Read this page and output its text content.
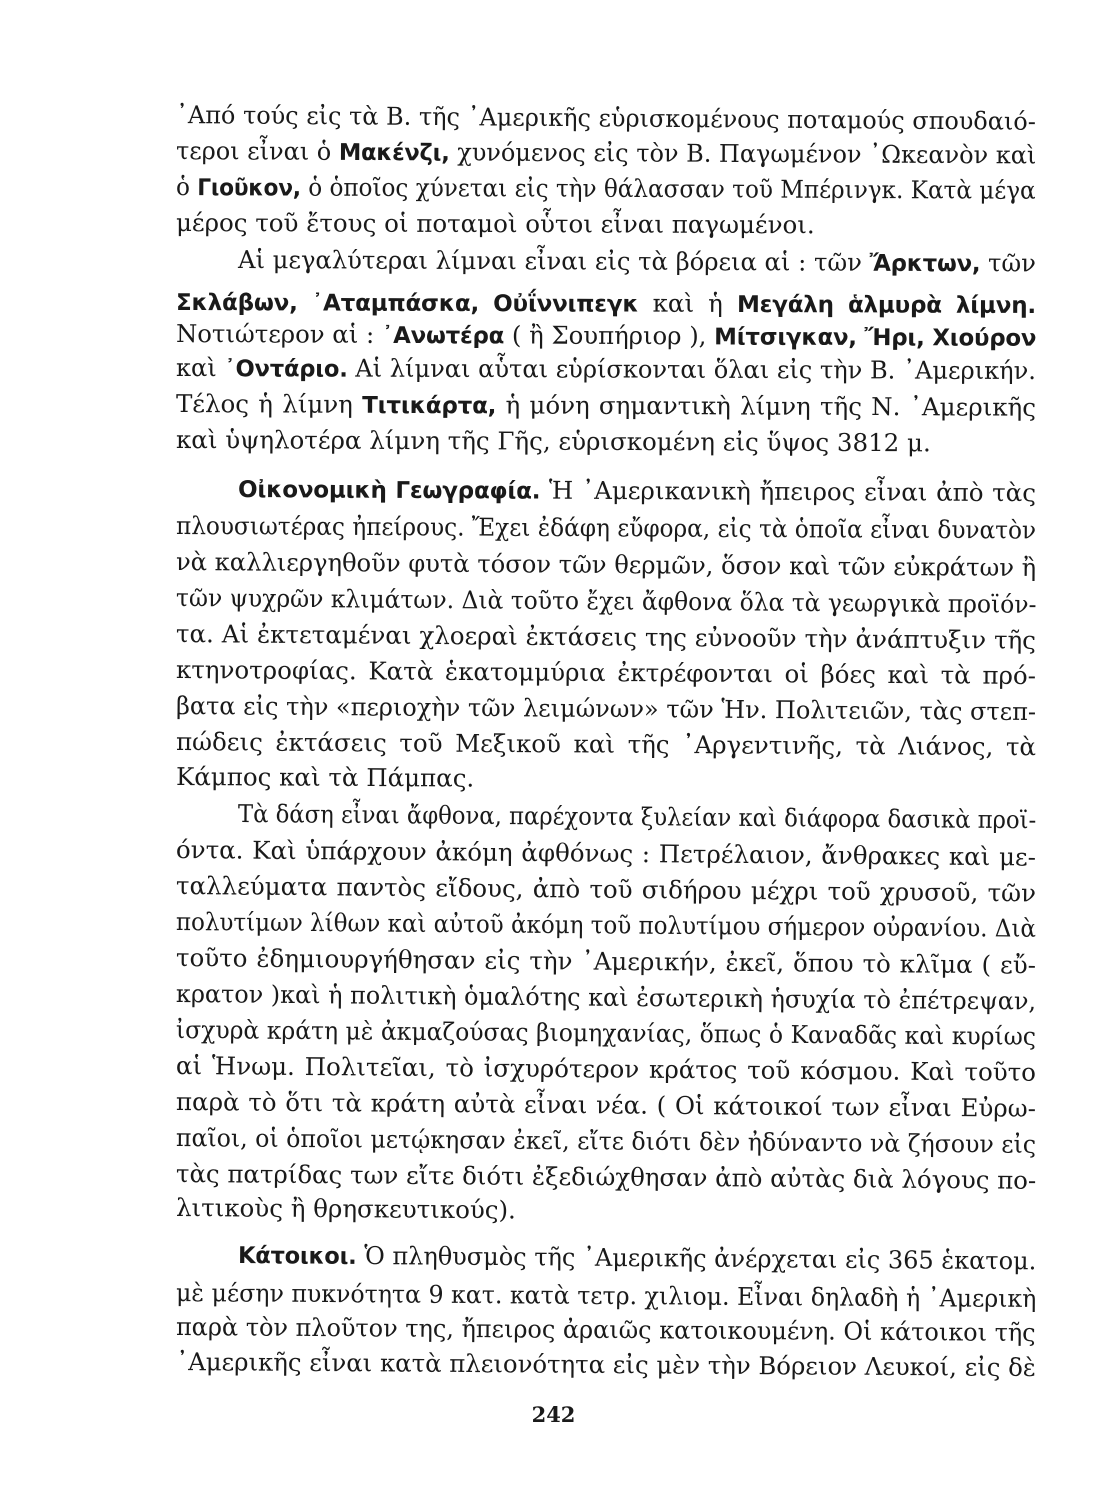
᾿Από τούς εἰς τὰ Β. τῆς ᾿Αμερικῆς εὑρισκομένους ποταμούς σπουδαιό-
τεροι εἶναι ὁ Μακένζι, χυνόμενος εἰς τὸν Β. Παγωμένον ᾿Ωκεανὸν καὶ
ὁ Γιοῦκον, ὁ ὁποῖος χύνεται εἰς τὴν θάλασσαν τοῦ Μπέρινγκ. Κατὰ μέγα
μέρος τοῦ ἔτους οἱ ποταμοὶ οὗτοι εἶναι παγωμένοι.
Αἱ μεγαλύτεραι λίμναι εἶναι εἰς τὰ βόρεια αἱ : τῶν Ἄρκτων, τῶν
Σκλάβων, ᾿Αταμπάσκα, Οὐΐννιπεγκ καὶ ἡ Μεγάλη ἁλμυρὰ λίμνη.
Νοτιώτερον αἱ : ᾿Ανωτέρα ( ἢ Σουπήριορ ), Μίτσιγκαν, Ἤρι, Χιούρον
καὶ ᾿Οντάριο. Αἱ λίμναι αὗται εὑρίσκονται ὅλαι εἰς τὴν Β. ᾿Αμερικήν.
Τέλος ἡ λίμνη Τιτικάρτα, ἡ μόνη σημαντικὴ λίμνη τῆς Ν. ᾿Αμερικῆς
καὶ ὑψηλοτέρα λίμνη τῆς Γῆς, εὑρισκομένη εἰς ὕψος 3812 μ.
Οἰκονομικὴ Γεωγραφία. Ἡ ᾿Αμερικανικὴ ἤπειρος εἶναι ἀπὸ τὰς
πλουσιωτέρας ἠπείρους. Ἔχει ἐδάφη εὔφορα, εἰς τὰ ὁποῖα εἶναι δυνατὸν
νὰ καλλιεργηθοῦν φυτὰ τόσον τῶν θερμῶν, ὅσον καὶ τῶν εὐκράτων ἢ
τῶν ψυχρῶν κλιμάτων. Διὰ τοῦτο ἔχει ἄφθονα ὅλα τὰ γεωργικὰ προϊόν-
τα. Αἱ ἐκτεταμέναι χλοεραὶ ἐκτάσεις της εὐνοοῦν τὴν ἀνάπτυξιν τῆς
κτηνοτροφίας. Κατὰ ἑκατομμύρια ἐκτρέφονται οἱ βόες καὶ τὰ πρό-
βατα εἰς τὴν «περιοχὴν τῶν λειμώνων» τῶν Ἡν. Πολιτειῶν, τὰς στεπ-
πώδεις ἐκτάσεις τοῦ Μεξικοῦ καὶ τῆς ᾿Αργεντινῆς, τὰ Λιάνος, τὰ
Κάμπος καὶ τὰ Πάμπας.
Τὰ δάση εἶναι ἄφθονα, παρέχοντα ξυλείαν καὶ διάφορα δασικὰ προϊ-
όντα. Καὶ ὑπάρχουν ἀκόμη ἀφθόνως : Πετρέλαιον, ἄνθρακες καὶ με-
ταλλεύματα παντὸς εἴδους, ἀπὸ τοῦ σιδήρου μέχρι τοῦ χρυσοῦ, τῶν
πολυτίμων λίθων καὶ αὐτοῦ ἀκόμη τοῦ πολυτίμου σήμερον οὐρανίου. Διὰ
τοῦτο ἐδημιουργήθησαν εἰς τὴν ᾿Αμερικήν, ἐκεῖ, ὅπου τὸ κλῖμα ( εὔ-
κρατον )καὶ ἡ πολιτικὴ ὁμαλότης καὶ ἐσωτερικὴ ἡσυχία τὸ ἐπέτρεψαν,
ἰσχυρὰ κράτη μὲ ἀκμαζούσας βιομηχανίας, ὅπως ὁ Καναδᾶς καὶ κυρίως
αἱ Ἡνωμ. Πολιτεῖαι, τὸ ἰσχυρότερον κράτος τοῦ κόσμου. Καὶ τοῦτο
παρὰ τὸ ὅτι τὰ κράτη αὐτὰ εἶναι νέα. ( Οἱ κάτοικοί των εἶναι Εὐρω-
παῖοι, οἱ ὁποῖοι μετῴκησαν ἐκεῖ, εἴτε διότι δὲν ἠδύναντο νὰ ζήσουν εἰς
τὰς πατρίδας των εἴτε διότι ἐξεδιώχθησαν ἀπὸ αὐτὰς διὰ λόγους πο-
λιτικοὺς ἢ θρησκευτικούς).
Κάτοικοι. Ὁ πληθυσμὸς τῆς ᾿Αμερικῆς ἀνέρχεται εἰς 365 ἑκατομ.
μὲ μέσην πυκνότητα 9 κατ. κατὰ τετρ. χιλιομ. Εἶναι δηλαδὴ ἡ ᾿Αμερικὴ
παρὰ τὸν πλοῦτον της, ἤπειρος ἀραιῶς κατοικουμένη. Οἱ κάτοικοι τῆς
᾿Αμερικῆς εἶναι κατὰ πλειονότητα εἰς μὲν τὴν Βόρειον Λευκοί, εἰς δὲ
242
